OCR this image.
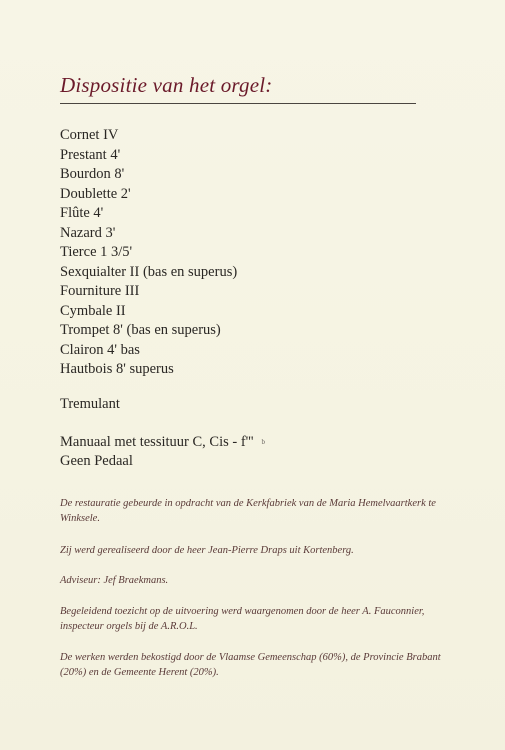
Dispositie van het orgel:
Cornet IV
Prestant 4'
Bourdon 8'
Doublette 2'
Flûte 4'
Nazard 3'
Tierce 1 3/5'
Sexquialter II (bas en superus)
Fourniture III
Cymbale II
Trompet 8' (bas en superus)
Clairon 4' bas
Hautbois 8' superus

Tremulant

Manuaal met tessituur C, Cis - f''' $^b$

Geen Pedaal

De restauratie gebeurde in opdracht van de Kerkfabriek van de Maria Hemelvaartkerk te Winksele.

Zij werd gerealiseerd door de heer Jean-Pierre Draps uit Kortenberg.

Adviseur: Jef Braekmans.

Begeleidend toezicht op de uitvoering werd waargenomen door de heer A. Fauconnier, inspecteur orgels bij de A.R.O.L.

De werken werden bekostigd door de Vlaamse Gemeenschap (60%), de Provincie Brabant (20%) en de Gemeente Herent (20%).
